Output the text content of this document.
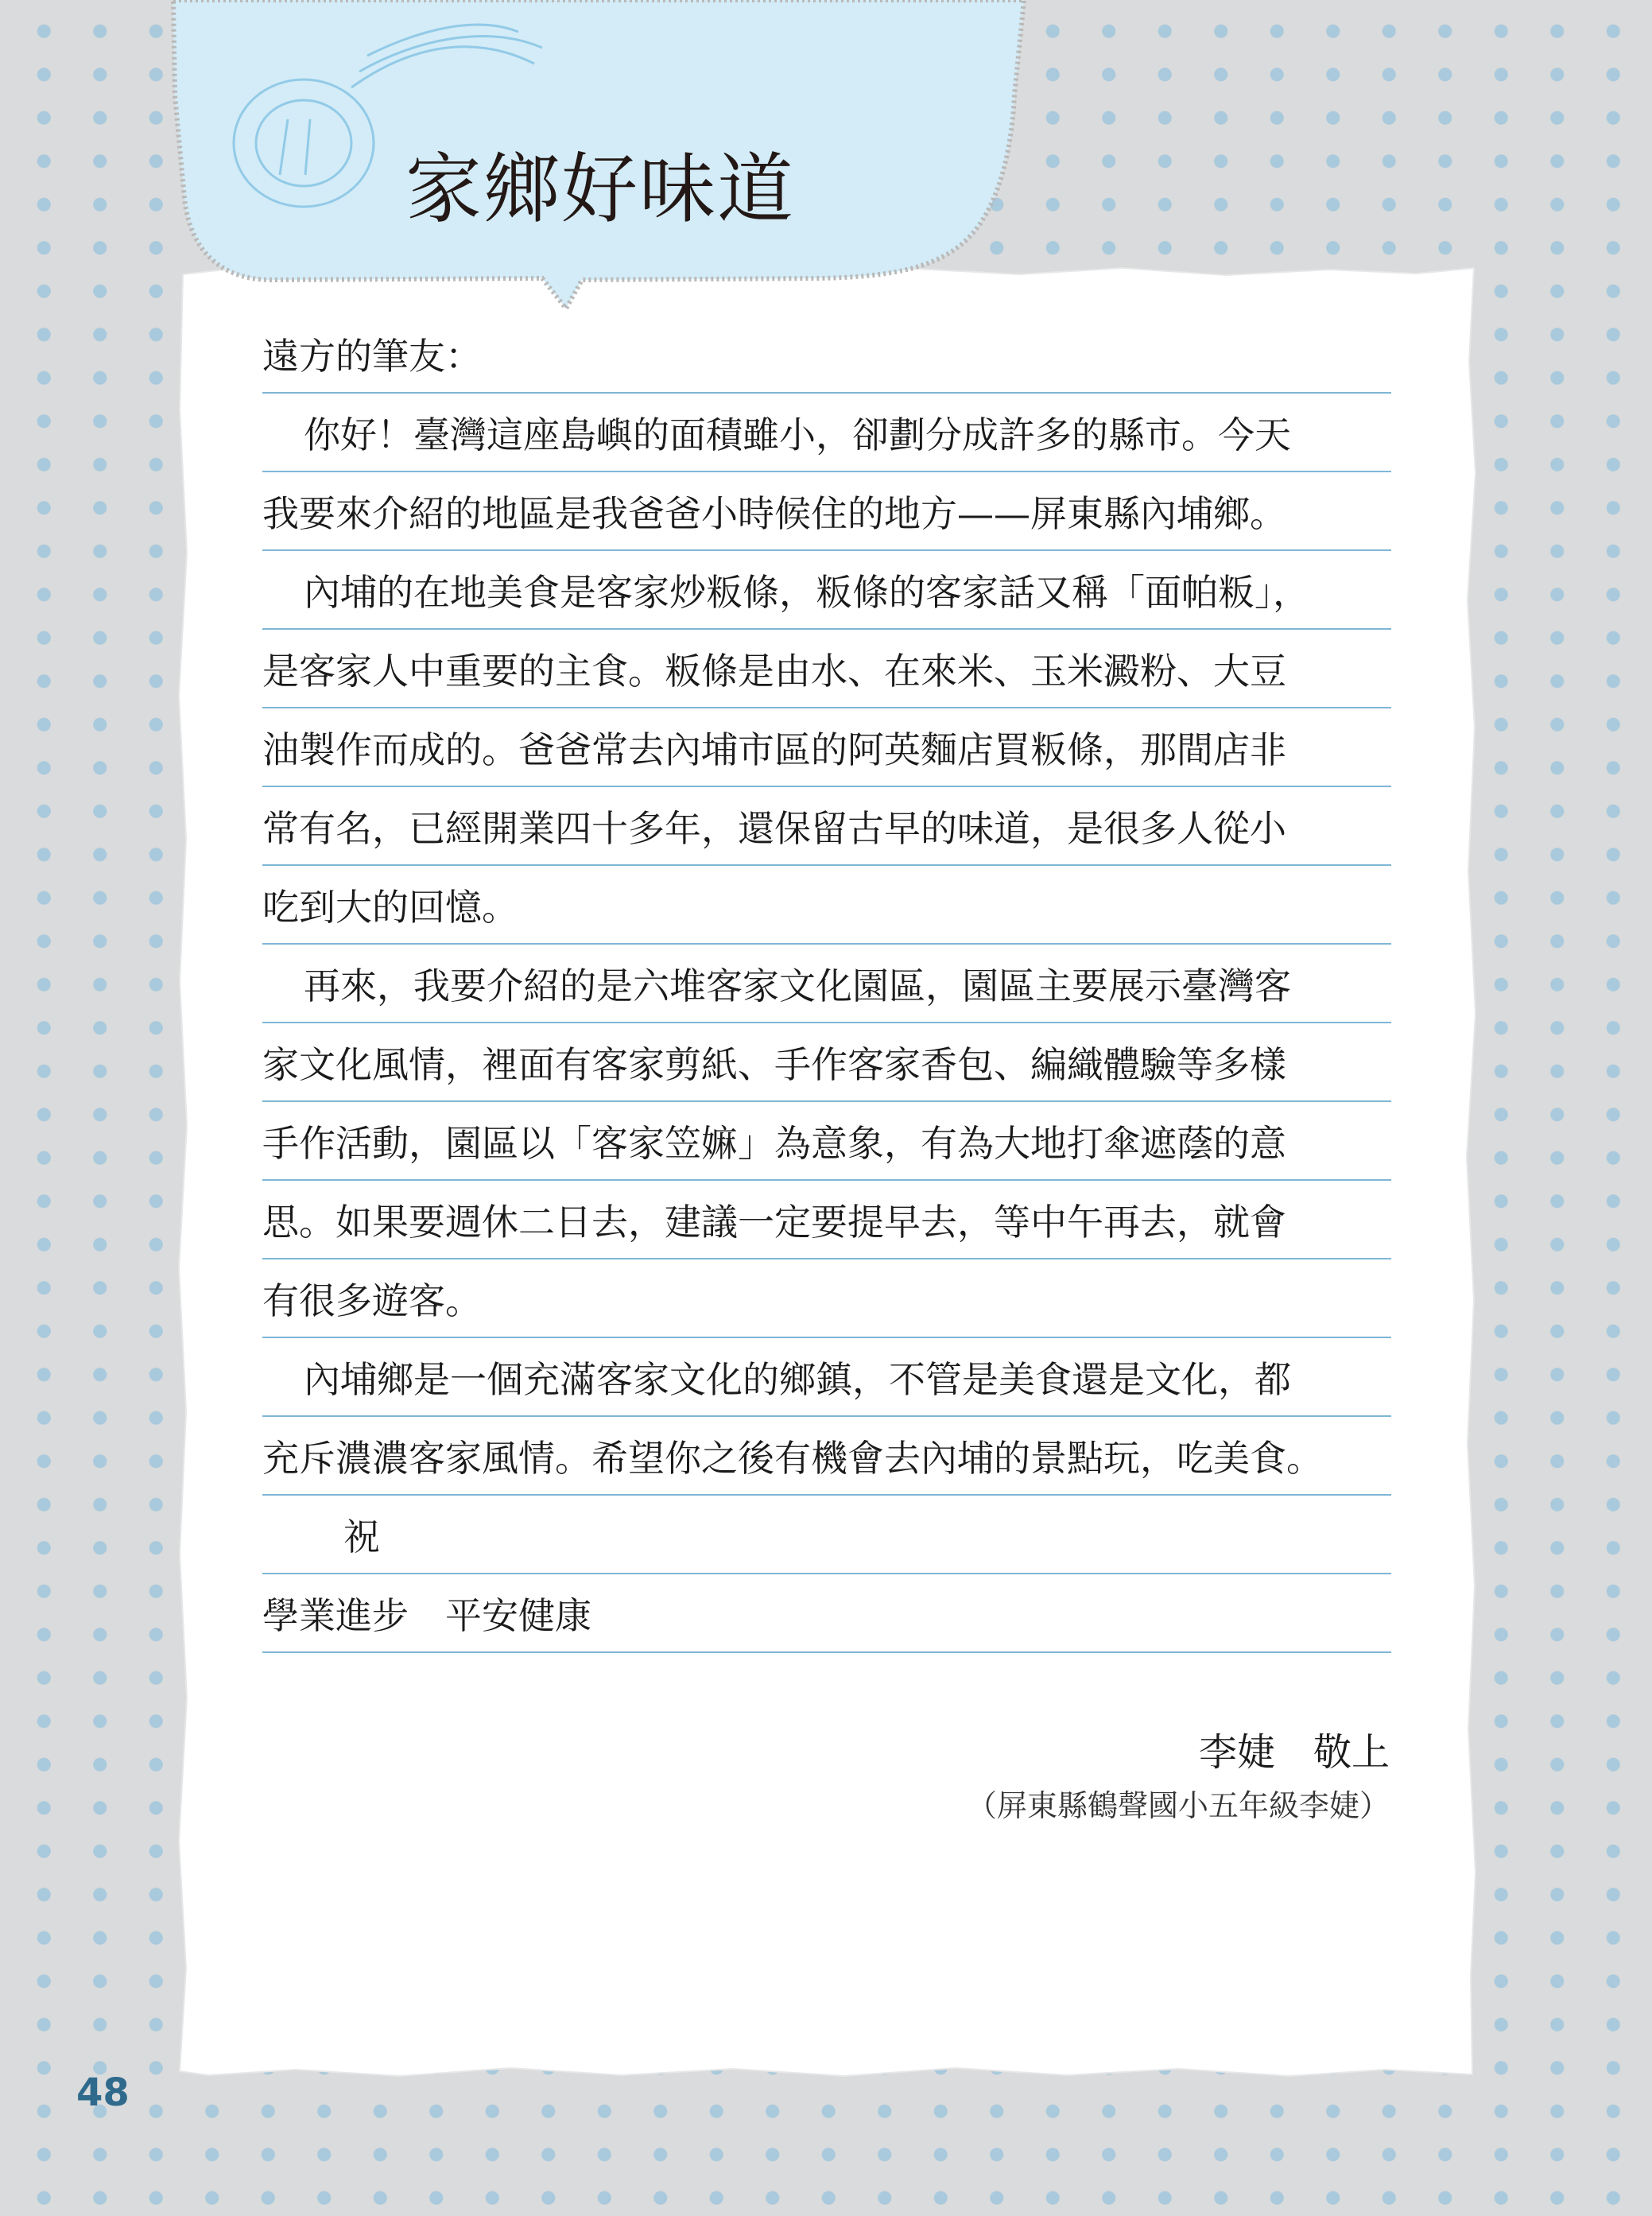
家鄉好味道
遠方的筆友：
你好！臺灣這座島嶼的面積雖小，卻劃分成許多的縣市。今天
我要來介紹的地區是我爸爸小時候住的地方——屏東縣內埔鄉。
內埔的在地美食是客家炒粄條，粄條的客家話又稱「面帕粄」，
是客家人中重要的主食。粄條是由水、在來米、玉米澱粉、大豆
油製作而成的。爸爸常去內埔市區的阿英麵店買粄條，那間店非
常有名，已經開業四十多年，還保留古早的味道，是很多人從小
吃到大的回憶。
再來，我要介紹的是六堆客家文化園區，園區主要展示臺灣客
家文化風情，裡面有客家剪紙、手作客家香包、編織體驗等多樣
手作活動，園區以「客家笠嫲」為意象，有為大地打傘遮蔭的意
思。如果要週休二日去，建議一定要提早去，等中午再去，就會
有很多遊客。
內埔鄉是一個充滿客家文化的鄉鎮，不管是美食還是文化，都
充斥濃濃客家風情。希望你之後有機會去內埔的景點玩，吃美食。
祝
學業進步　平安健康
李婕　敬上
（屏東縣鶴聲國小五年級李婕）
48
